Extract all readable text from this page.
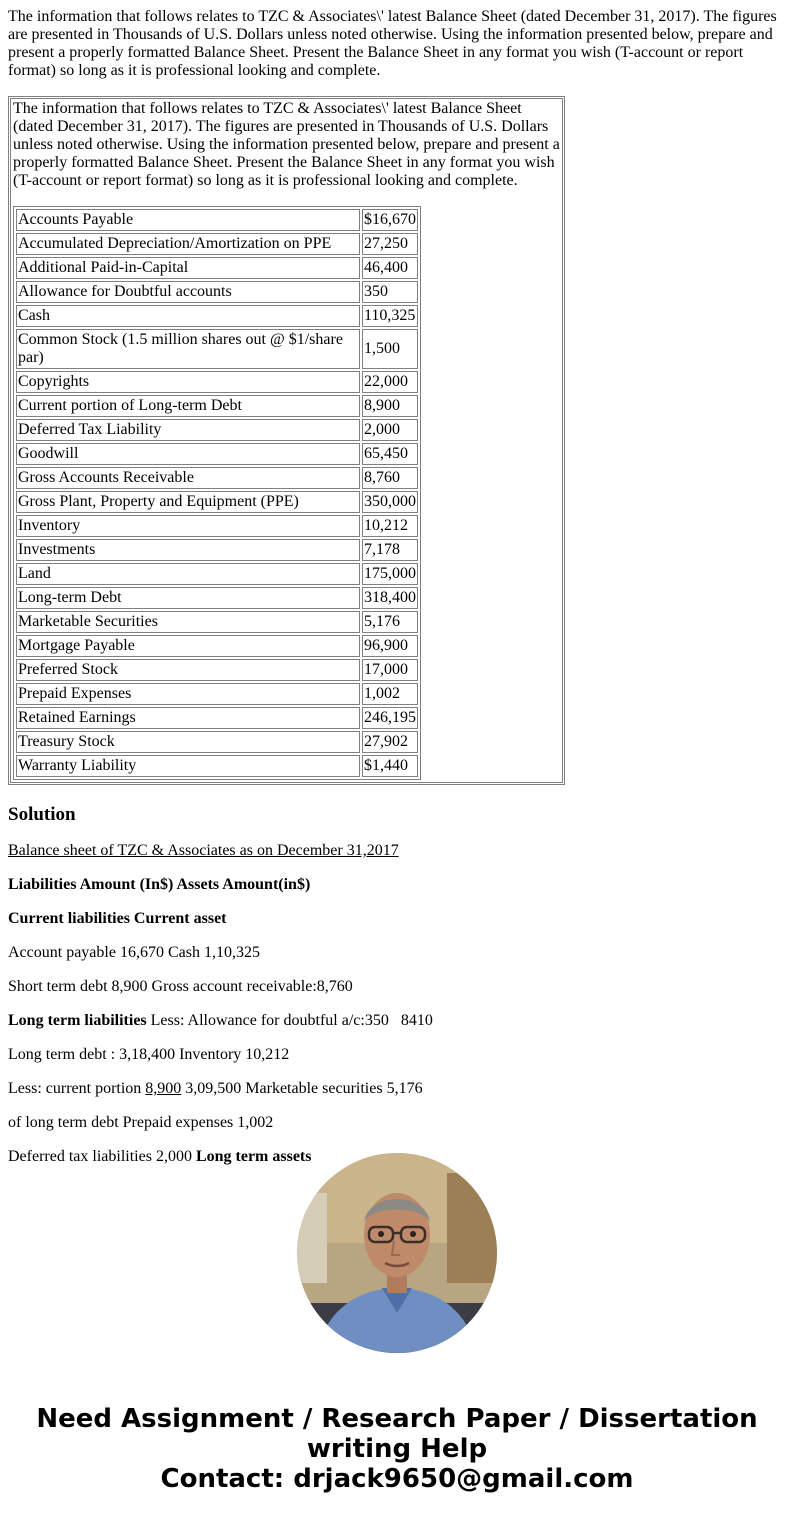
The information that follows relates to TZC & Associates\' latest Balance Sheet (dated December 31, 2017). The figures are presented in Thousands of U.S. Dollars unless noted otherwise. Using the information presented below, prepare and present a properly formatted Balance Sheet. Present the Balance Sheet in any format you wish (T-account or report format) so long as it is professional looking and complete.

The information that follows relates to TZC & Associates\' latest Balance Sheet (dated December 31, 2017). The figures are presented in Thousands of U.S. Dollars unless noted otherwise. Using the information presented below, prepare and present a properly formatted Balance Sheet. Present the Balance Sheet in any format you wish (T-account or report format) so long as it is professional looking and complete.

Accounts Payable	$16,670
Accumulated Depreciation/Amortization on PPE	27,250
Additional Paid-in-Capital	46,400
Allowance for Doubtful accounts	350
Cash	110,325
Common Stock (1.5 million shares out @ $1/share par)	1,500
Copyrights	22,000
Current portion of Long-term Debt	8,900
Deferred Tax Liability	2,000
Goodwill	65,450
Gross Accounts Receivable	8,760
Gross Plant, Property and Equipment (PPE)	350,000
Inventory	10,212
Investments	7,178
Land	175,000
Long-term Debt	318,400
Marketable Securities	5,176
Mortgage Payable	96,900
Preferred Stock	17,000
Prepaid Expenses	1,002
Retained Earnings	246,195
Treasury Stock	27,902
Warranty Liability	$1,440
Solution

Balance sheet of TZC & Associates as on December 31,2017

Liabilities Amount (In$) Assets Amount(in$)

Current liabilities Current asset

Account payable 16,670 Cash 1,10,325

Short term debt 8,900 Gross account receivable:8,760

Long term liabilities Less: Allowance for doubtful a/c:350   8410

Long term debt : 3,18,400 Inventory 10,212

Less: current portion 8,900 3,09,500 Marketable securities 5,176

of long term debt Prepaid expenses 1,002

Deferred tax liabilities 2,000 Long term assets

Need Assignment / Research Paper / Dissertation
writing Help
Contact: drjack9650@gmail.com
